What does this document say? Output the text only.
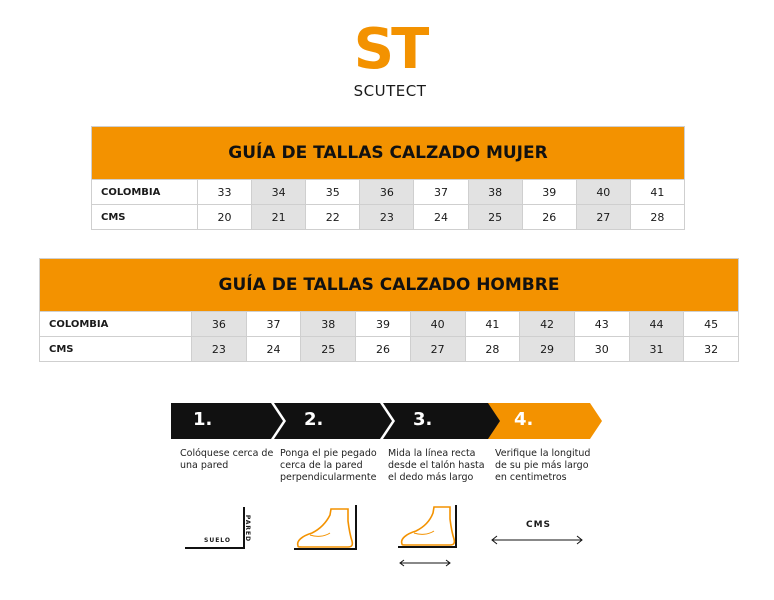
ST
SCUTECT
GUÍA DE TALLAS CALZADO MUJER
COLOMBIA	33	34	35	36	37	38	39	40	41
CMS	20	21	22	23	24	25	26	27	28
GUÍA DE TALLAS CALZADO HOMBRE
COLOMBIA	36	37	38	39	40	41	42	43	44	45
CMS	23	24	25	26	27	28	29	30	31	32
1.	2.	3.	4.
Colóquese cerca de una pared
Ponga el pie pegado cerca de la pared perpendicularmente
Mida la línea recta desde el talón hasta el dedo más largo
Verifique la longitud de su pie más largo en centimetros
SUELO PARED	CMS
